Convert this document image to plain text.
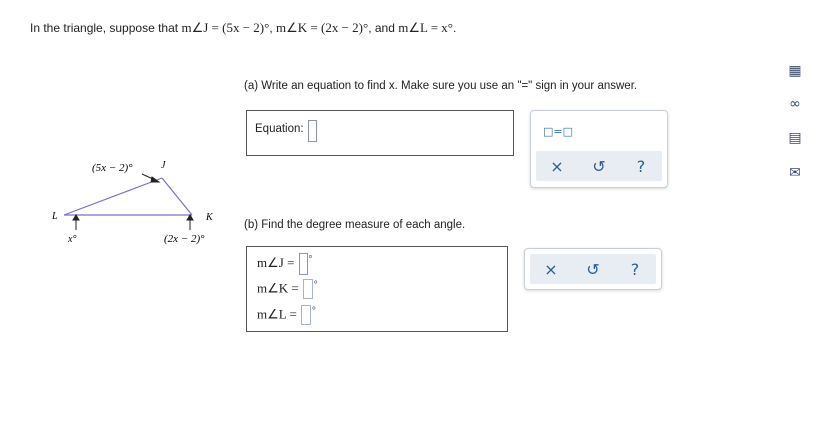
In the triangle, suppose that m∠J = (5x − 2)°, m∠K = (2x − 2)°, and m∠L = x°.
J
K
L
(5x − 2)°
(2x − 2)°
x°
(a) Write an equation to find x. Make sure you use an "=" sign in your answer.
Equation:	□=□
×	↺	?
(b) Find the degree measure of each angle.
m∠J = °
m∠K = °
m∠L = °
×	↺	?
▦
∞
▤
✉
